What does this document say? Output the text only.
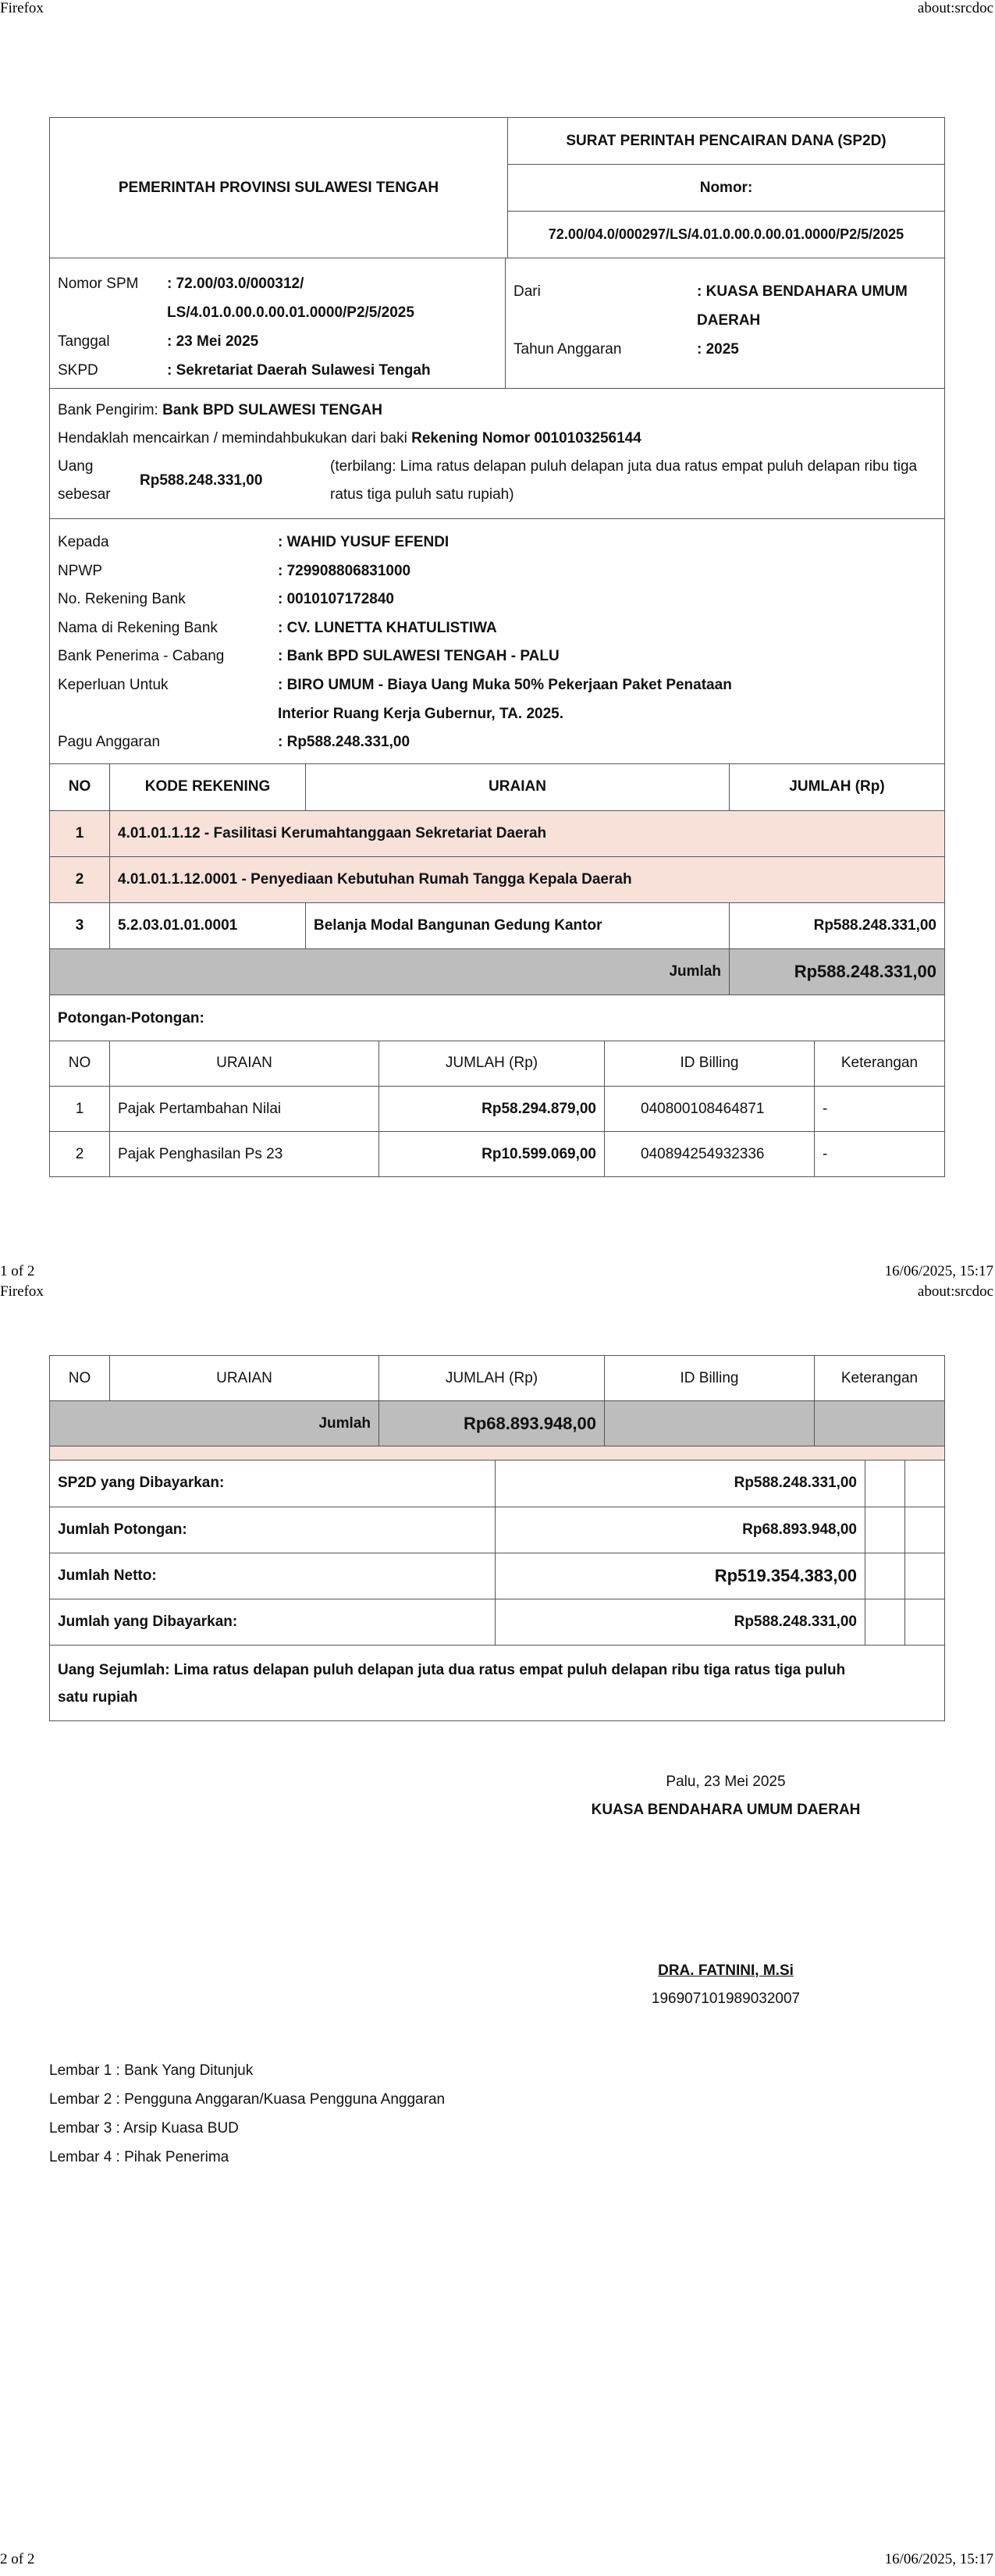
Firefox	about:srcdoc
PEMERINTAH PROVINSI SULAWESI TENGAH	SURAT PERINTAH PENCAIRAN DANA (SP2D)
Nomor:
72.00/04.0/000297/LS/4.01.0.00.0.00.01.0000/P2/5/2025
Nomor SPM	: 72.00/03.0/000312/
LS/4.01.0.00.0.00.01.0000/P2/5/2025
Tanggal	: 23 Mei 2025
SKPD	: Sekretariat Daerah Sulawesi Tengah
Dari	: KUASA BENDAHARA UMUM
DAERAH
Tahun Anggaran	: 2025
Bank Pengirim: Bank BPD SULAWESI TENGAH
Hendaklah mencairkan / memindahbukukan dari baki Rekening Nomor 0010103256144
Uang
sebesar
Rp588.248.331,00
(terbilang: Lima ratus delapan puluh delapan juta dua ratus empat puluh delapan ribu tiga
ratus tiga puluh satu rupiah)
Kepada	: WAHID YUSUF EFENDI
NPWP	: 729908806831000
No. Rekening Bank	: 0010107172840
Nama di Rekening Bank	: CV. LUNETTA KHATULISTIWA
Bank Penerima - Cabang	: Bank BPD SULAWESI TENGAH - PALU
Keperluan Untuk	: BIRO UMUM - Biaya Uang Muka 50% Pekerjaan Paket Penataan
Interior Ruang Kerja Gubernur, TA. 2025.
Pagu Anggaran	: Rp588.248.331,00
NO	KODE REKENING	URAIAN	JUMLAH (Rp)
1	4.01.01.1.12 - Fasilitasi Kerumahtanggaan Sekretariat Daerah		
2	4.01.01.1.12.0001 - Penyediaan Kebutuhan Rumah Tangga Kepala Daerah		
3	5.2.03.01.01.0001	Belanja Modal Bangunan Gedung Kantor	Rp588.248.331,00
Jumlah			Rp588.248.331,00
Potongan-Potongan:
NO	URAIAN	JUMLAH (Rp)	ID Billing	Keterangan
1	Pajak Pertambahan Nilai	Rp58.294.879,00	040800108464871	-
2	Pajak Penghasilan Ps 23	Rp10.599.069,00	040894254932336	-
1 of 2	16/06/2025, 15:17
Firefox	about:srcdoc
NO	URAIAN	JUMLAH (Rp)	ID Billing	Keterangan
Jumlah		Rp68.893.948,00		
SP2D yang Dibayarkan:	Rp588.248.331,00		
Jumlah Potongan:	Rp68.893.948,00		
Jumlah Netto:	Rp519.354.383,00		
Jumlah yang Dibayarkan:	Rp588.248.331,00		
Uang Sejumlah: Lima ratus delapan puluh delapan juta dua ratus empat puluh delapan ribu tiga ratus tiga puluh
satu rupiah
Palu, 23 Mei 2025
KUASA BENDAHARA UMUM DAERAH
DRA. FATNINI, M.Si
196907101989032007
Lembar 1 : Bank Yang Ditunjuk
Lembar 2 : Pengguna Anggaran/Kuasa Pengguna Anggaran
Lembar 3 : Arsip Kuasa BUD
Lembar 4 : Pihak Penerima
2 of 2	16/06/2025, 15:17
